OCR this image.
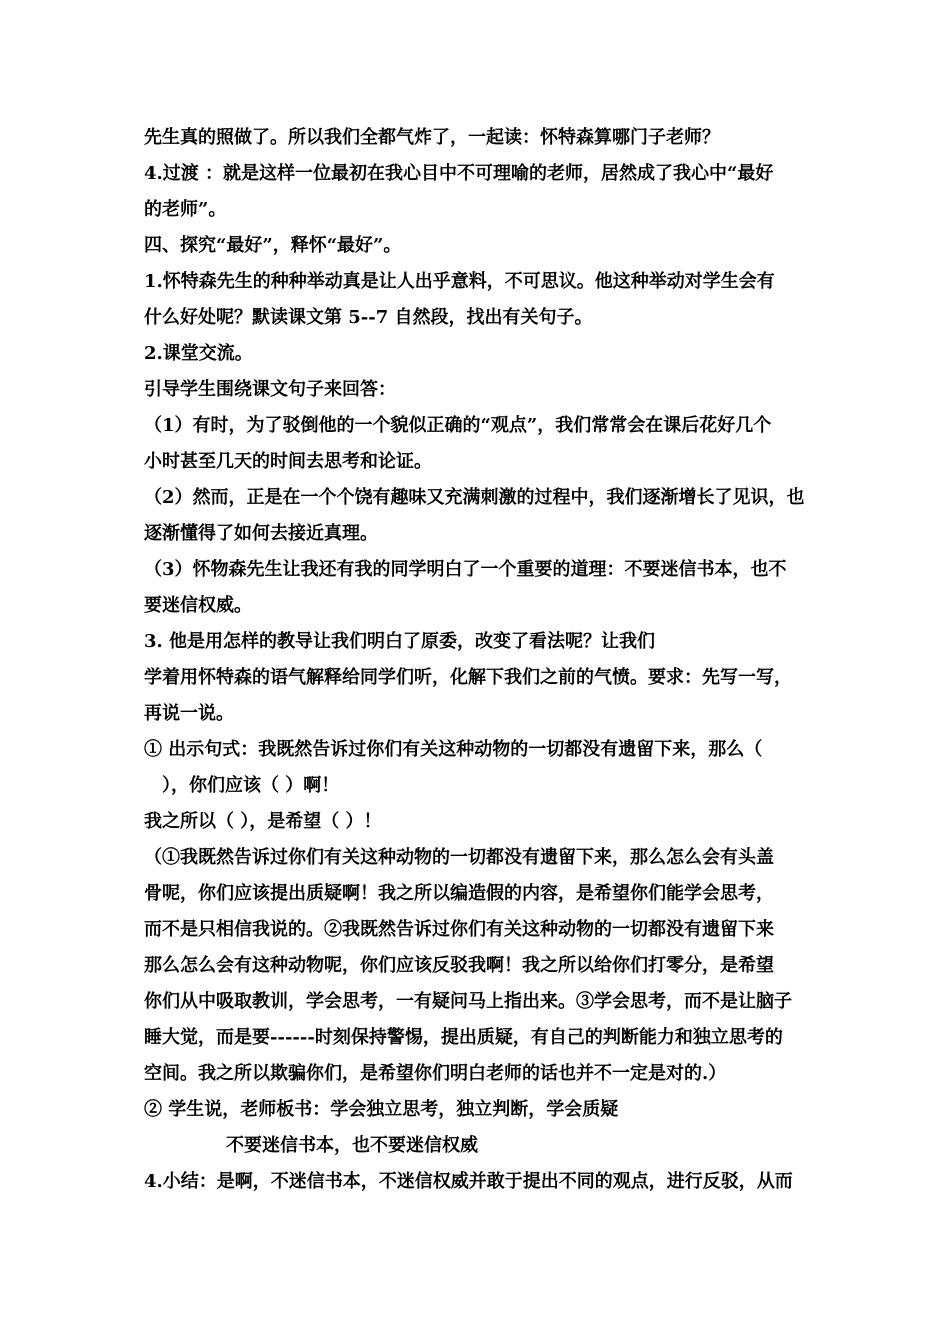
先生真的照做了。所以我们全都气炸了，一起读：怀特森算哪门子老师？
4.过渡 ：就是这样一位最初在我心目中不可理喻的老师，居然成了我心中“最好
的老师”。
四、探究“最好”，释怀“最好”。
1.怀特森先生的种种举动真是让人出乎意料，不可思议。他这种举动对学生会有
什么好处呢？默读课文第 5--7 自然段，找出有关句子。
2.课堂交流。
引导学生围绕课文句子来回答：
（1）有时，为了驳倒他的一个貌似正确的“观点”，我们常常会在课后花好几个
小时甚至几天的时间去思考和论证。
（2）然而，正是在一个个饶有趣味又充满刺激的过程中，我们逐渐增长了见识，也
逐渐懂得了如何去接近真理。
（3）怀物森先生让我还有我的同学明白了一个重要的道理：不要迷信书本，也不
要迷信权威。
3. 他是用怎样的教导让我们明白了原委，改变了看法呢？让我们
学着用怀特森的语气解释给同学们听，化解下我们之前的气愤。要求：先写一写，
再说一说。
① 出示句式：我既然告诉过你们有关这种动物的一切都没有遗留下来，那么（
），你们应该（ ）啊！
我之所以（ ），是希望（ ）！
（①我既然告诉过你们有关这种动物的一切都没有遗留下来，那么怎么会有头盖
骨呢，你们应该提出质疑啊！我之所以编造假的内容，是希望你们能学会思考，
而不是只相信我说的。②我既然告诉过你们有关这种动物的一切都没有遗留下来
那么怎么会有这种动物呢，你们应该反驳我啊！我之所以给你们打零分，是希望
你们从中吸取教训，学会思考，一有疑问马上指出来。③学会思考，而不是让脑子
睡大觉，而是要------时刻保持警惕，提出质疑，有自己的判断能力和独立思考的
空间。我之所以欺骗你们，是希望你们明白老师的话也并不一定是对的.）
② 学生说，老师板书：学会独立思考，独立判断，学会质疑
不要迷信书本，也不要迷信权威
4.小结：是啊，不迷信书本，不迷信权威并敢于提出不同的观点，进行反驳，从而
